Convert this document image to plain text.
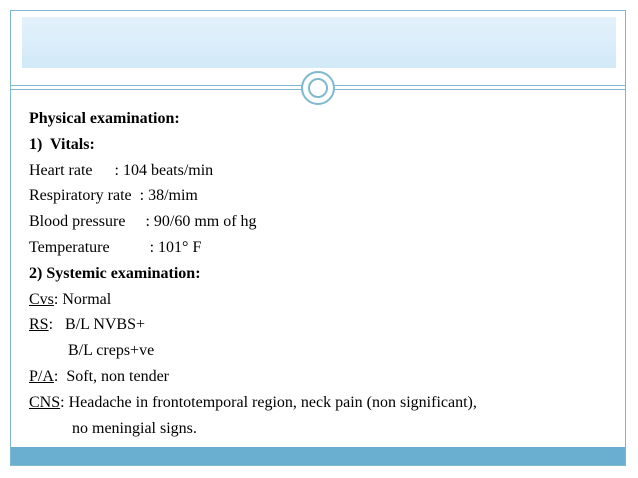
Physical examination:
1)  Vitals:
Heart rate : 104 beats/min
Respiratory rate : 38/mim
Blood pressure : 90/60 mm of hg
Temperature	: 101° F
2) Systemic examination:
Cvs: Normal
RS:   B/L NVBS+
B/L creps+ve
P/A:  Soft, non tender
CNS: Headache in frontotemporal region, neck pain (non significant),
no meningial signs.
